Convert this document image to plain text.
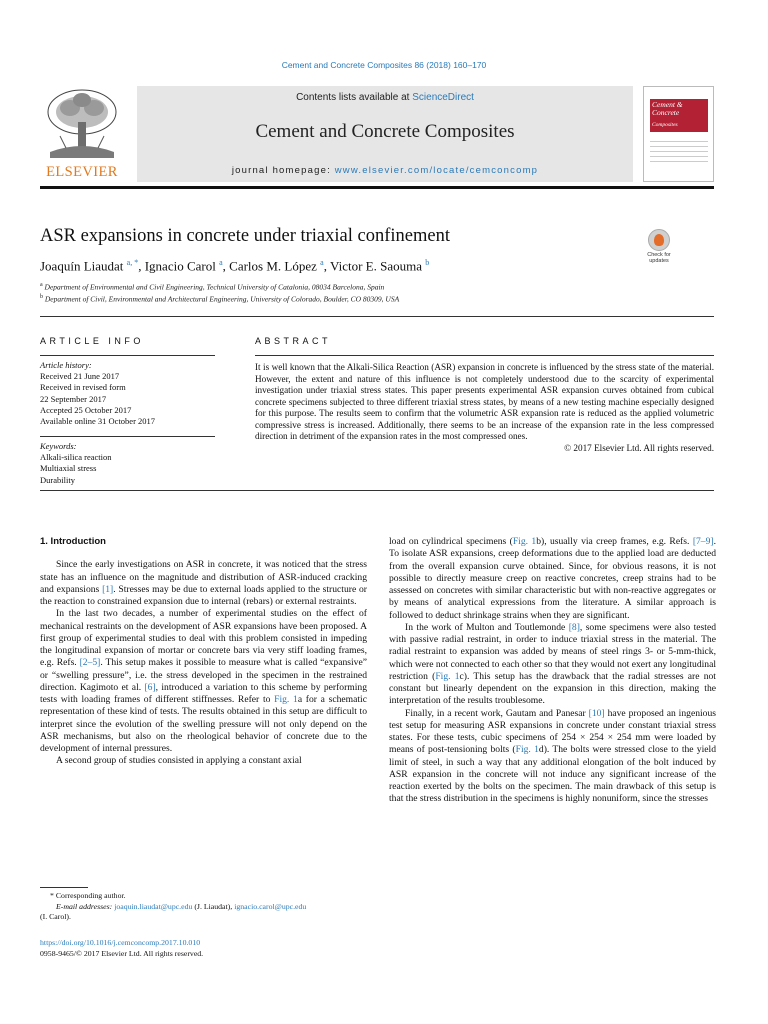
Cement and Concrete Composites 86 (2018) 160–170
ELSEVIER
Contents lists available at ScienceDirect
Cement and Concrete Composites
journal homepage: www.elsevier.com/locate/cemconcomp
Cement &
Concrete
Composites
ASR expansions in concrete under triaxial confinement
Check for
updates
Joaquín Liaudat $^{a, *}$, Ignacio Carol $^a$, Carlos M. López $^a$, Victor E. Saouma $^b$
$^a$ Department of Environmental and Civil Engineering, Technical University of Catalonia, 08034 Barcelona, Spain
$^b$ Department of Civil, Environmental and Architectural Engineering, University of Colorado, Boulder, CO 80309, USA
ARTICLE INFO	ABSTRACT
Article history:
Received 21 June 2017
Received in revised form
22 September 2017
Accepted 25 October 2017
Available online 31 October 2017
Keywords:
Alkali-silica reaction
Multiaxial stress
Durability
It is well known that the Alkali-Silica Reaction (ASR) expansion in concrete is influenced by the stress state of the material. However, the extent and nature of this influence is not completely understood due to the scarcity of experimental investigation under triaxial stress states. This paper presents experimental ASR expansion curves obtained from cubical concrete specimens subjected to three different triaxial stress states, by means of a new testing machine especially designed for this purpose. The results seem to confirm that the volumetric ASR expansion rate is reduced as the applied volumetric compressive stress is increased. Additionally, there seems to be an increase of the expansion rate in the less compressed direction in detriment of the expansion rates in the most compressed ones.
© 2017 Elsevier Ltd. All rights reserved.
1. Introduction

Since the early investigations on ASR in concrete, it was noticed that the stress state has an influence on the magnitude and distribution of ASR-induced cracking and expansions [1]. Stresses may be due to external loads applied to the structure or the reaction to constrained expansion due to internal (rebars) or external restraints.

In the last two decades, a number of experimental studies on the effect of mechanical restraints on the development of ASR expansions have been proposed. A first group of experimental studies to deal with this problem consisted in impeding the longitudinal expansion of mortar or concrete bars via very stiff loading frames, e.g. Refs. [2–5]. This setup makes it possible to measure what is called “expansive” or “swelling pressure”, i.e. the stress developed in the specimen in the restrained direction. Kagimoto et al. [6], introduced a variation to this scheme by performing tests with loading frames of different stiffnesses. Refer to Fig. 1a for a schematic representation of these kind of tests. The results obtained in this setup are difficult to interpret since the evolution of the swelling pressure will not only depend on the ASR mechanisms, but also on the rheological behavior of concrete due to the development of internal pressures.

A second group of studies consisted in applying a constant axial

load on cylindrical specimens (Fig. 1b), usually via creep frames, e.g. Refs. [7–9]. To isolate ASR expansions, creep deformations due to the applied load are deducted from the overall expansion curve obtained. Since, for obvious reasons, it is not possible to directly measure creep on reactive concretes, creep strains had to be assessed on concretes with similar characteristic but with non-reactive aggregates or by means of analytical expressions from the literature. A similar approach is followed to deduct shrinkage strains when they are significant.

In the work of Multon and Toutlemonde [8], some specimens were also tested with passive radial restraint, in order to induce triaxial stress in the material. The radial restraint to expansion was added by means of steel rings 3- or 5-mm-thick, which were not connected to each other so that they would not exert any longitudinal restriction (Fig. 1c). This setup has the drawback that the radial stresses are not constant but linearly dependent on the expansion in this direction, making the interpretation of the results troublesome.

Finally, in a recent work, Gautam and Panesar [10] have proposed an ingenious test setup for measuring ASR expansions in concrete under constant triaxial stress states. For these tests, cubic specimens of 254 × 254 × 254 mm were loaded by means of post-tensioning bolts (Fig. 1d). The bolts were stressed close to the yield limit of steel, in such a way that any additional elongation of the bolt induced by ASR expansion in the concrete will not induce any significant increase of the reaction exerted by the bolts on the specimen. The main drawback of this setup is that the stress distribution in the specimens is highly nonuniform, since the stresses

* Corresponding author.
E-mail addresses: joaquin.liaudat@upc.edu (J. Liaudat), ignacio.carol@upc.edu
(I. Carol).
https://doi.org/10.1016/j.cemconcomp.2017.10.010
0958-9465/© 2017 Elsevier Ltd. All rights reserved.
